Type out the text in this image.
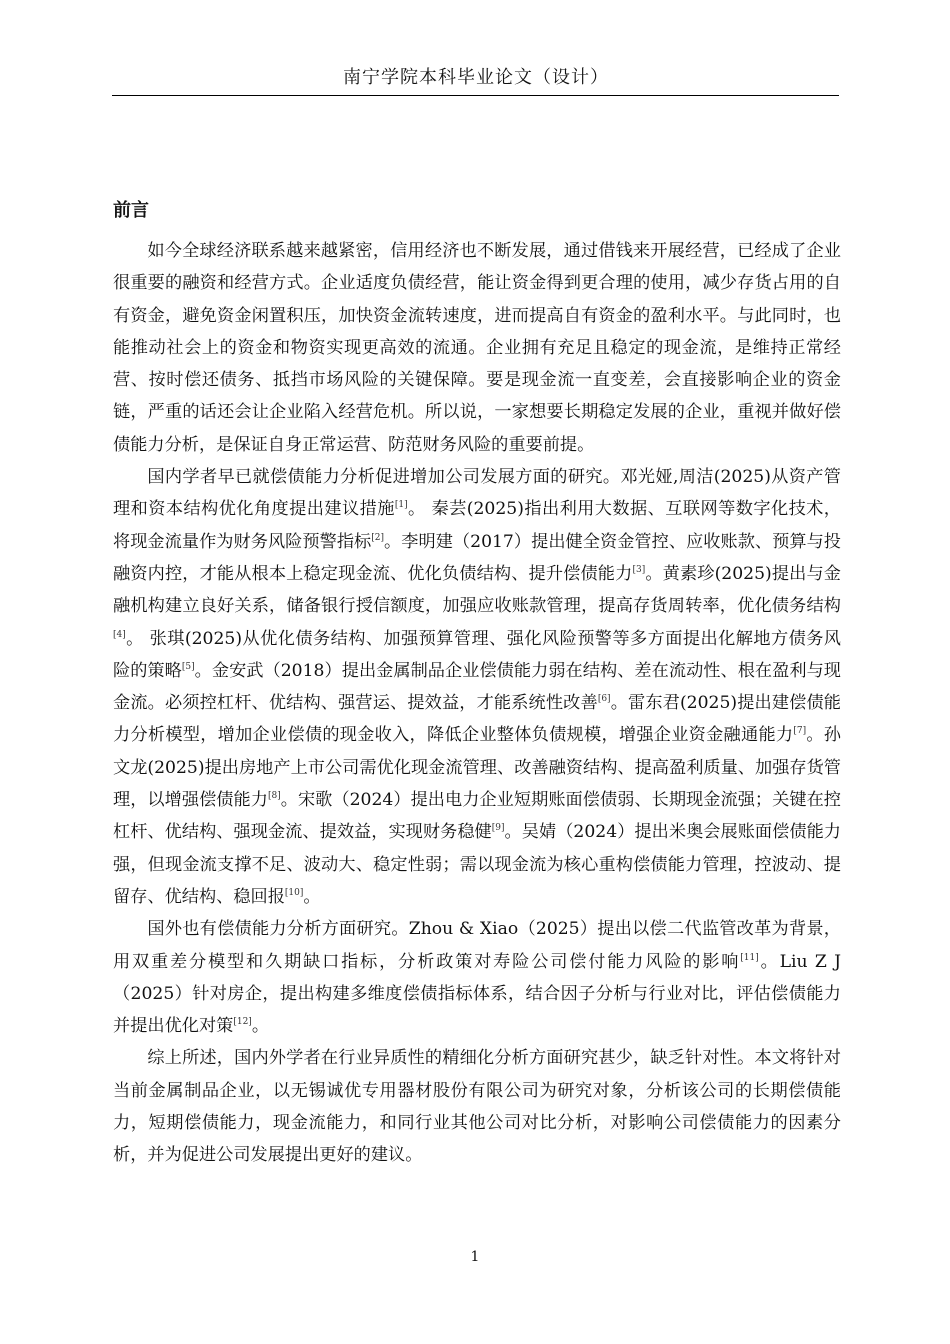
南宁学院本科毕业论文（设计）
前言

如今全球经济联系越来越紧密，信用经济也不断发展，通过借钱来开展经营，已经成了企业很重要的融资和经营方式。企业适度负债经营，能让资金得到更合理的使用，减少存货占用的自有资金，避免资金闲置积压，加快资金流转速度，进而提高自有资金的盈利水平。与此同时，也能推动社会上的资金和物资实现更高效的流通。企业拥有充足且稳定的现金流，是维持正常经营、按时偿还债务、抵挡市场风险的关键保障。要是现金流一直变差，会直接影响企业的资金链，严重的话还会让企业陷入经营危机。所以说，一家想要长期稳定发展的企业，重视并做好偿债能力分析，是保证自身正常运营、防范财务风险的重要前提。

国内学者早已就偿债能力分析促进增加公司发展方面的研究。邓光娅,周洁(2025)从资产管理和资本结构优化角度提出建议措施[1]。 秦芸(2025)指出利用大数据、互联网等数字化技术，将现金流量作为财务风险预警指标[2]。李明建（2017）提出健全资金管控、应收账款、预算与投融资内控，才能从根本上稳定现金流、优化负债结构、提升偿债能力[3]。黄素珍(2025)提出与金融机构建立良好关系，储备银行授信额度，加强应收账款管理，提高存货周转率，优化债务结构[4]。 张琪(2025)从优化债务结构、加强预算管理、强化风险预警等多方面提出化解地方债务风险的策略[5]。金安武（2018）提出金属制品企业偿债能力弱在结构、差在流动性、根在盈利与现金流。必须控杠杆、优结构、强营运、提效益，才能系统性改善[6]。雷东君(2025)提出建偿债能力分析模型，增加企业偿债的现金收入，降低企业整体负债规模，增强企业资金融通能力[7]。孙文龙(2025)提出房地产上市公司需优化现金流管理、改善融资结构、提高盈利质量、加强存货管理，以增强偿债能力[8]。宋歌（2024）提出电力企业短期账面偿债弱、长期现金流强；关键在控杠杆、优结构、强现金流、提效益，实现财务稳健[9]。吴婧（2024）提出米奥会展账面偿债能力强，但现金流支撑不足、波动大、稳定性弱；需以现金流为核心重构偿债能力管理，控波动、提留存、优结构、稳回报[10]。

国外也有偿债能力分析方面研究。Zhou & Xiao（2025）提出以偿二代监管改革为背景，用双重差分模型和久期缺口指标，分析政策对寿险公司偿付能力风险的影响[11]。Liu Z J（2025）针对房企，提出构建多维度偿债指标体系，结合因子分析与行业对比，评估偿债能力并提出优化对策[12]。

综上所述，国内外学者在行业异质性的精细化分析方面研究甚少，缺乏针对性。本文将针对当前金属制品企业，以无锡诚优专用器材股份有限公司为研究对象，分析该公司的长期偿债能力，短期偿债能力，现金流能力，和同行业其他公司对比分析，对影响公司偿债能力的因素分析，并为促进公司发展提出更好的建议。

1
